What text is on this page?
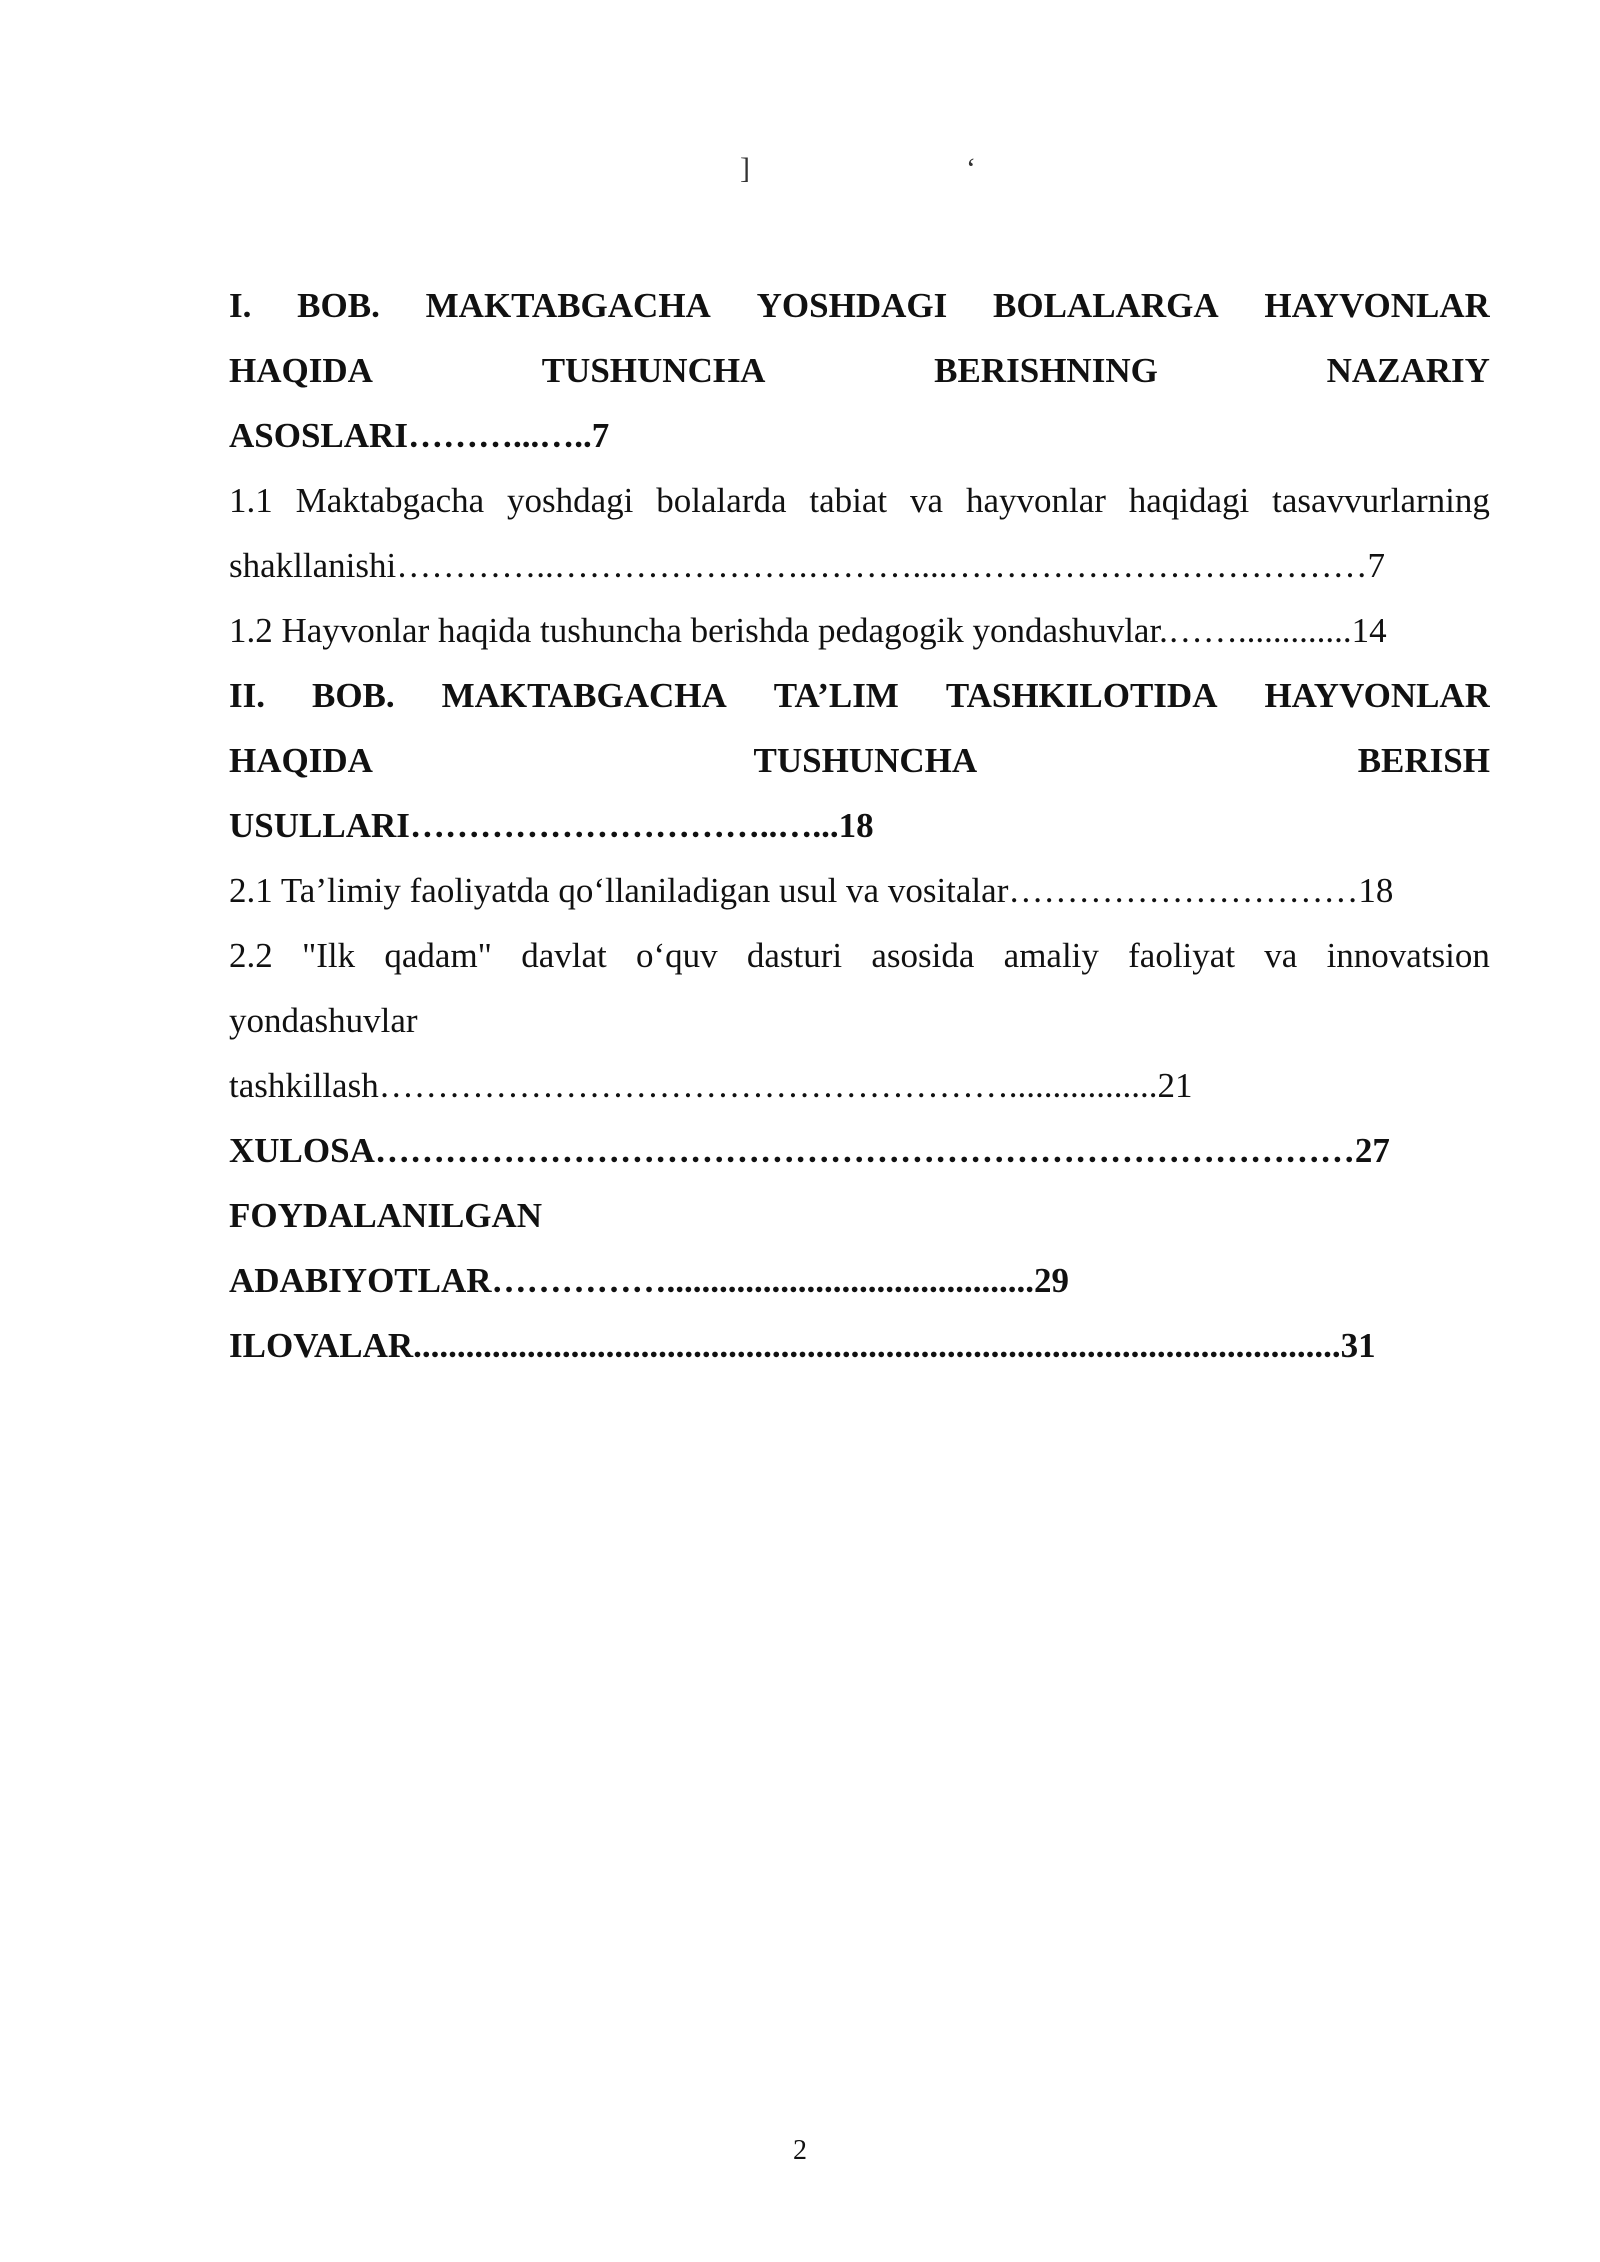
]	ʻ
I. BOB. MAKTABGACHA YOSHDAGI BOLALARGA HAYVONLAR
HAQIDA	TUSHUNCHA	BERISHNING	NAZARIY
ASOSLARI………...…..7
1.1 Maktabgacha yoshdagi bolalarda tabiat va hayvonlar haqidagi tasavvurlarning
shakllanishi…………..………………….………....………………………………7
1.2 Hayvonlar haqida tushuncha berishda pedagogik yondashuvlar.…….............14
II. BOB. MAKTABGACHA TA’LIM TASHKILOTIDA HAYVONLAR
HAQIDA	TUSHUNCHA	BERISH
USULLARI…………………………..…...18
2.1 Ta’limiy faoliyatda qo‘llaniladigan usul va vositalar…………………………18
2.2 "Ilk qadam" davlat o‘quv dasturi asosida amaliy faoliyat va innovatsion
yondashuvlar
tashkillash……………………………………………….................21
XULOSA…………………………………………………………………………27
FOYDALANILGAN
ADABIYOTLAR……………..........................................29
ILOVALAR..........................................................................................................31
2
